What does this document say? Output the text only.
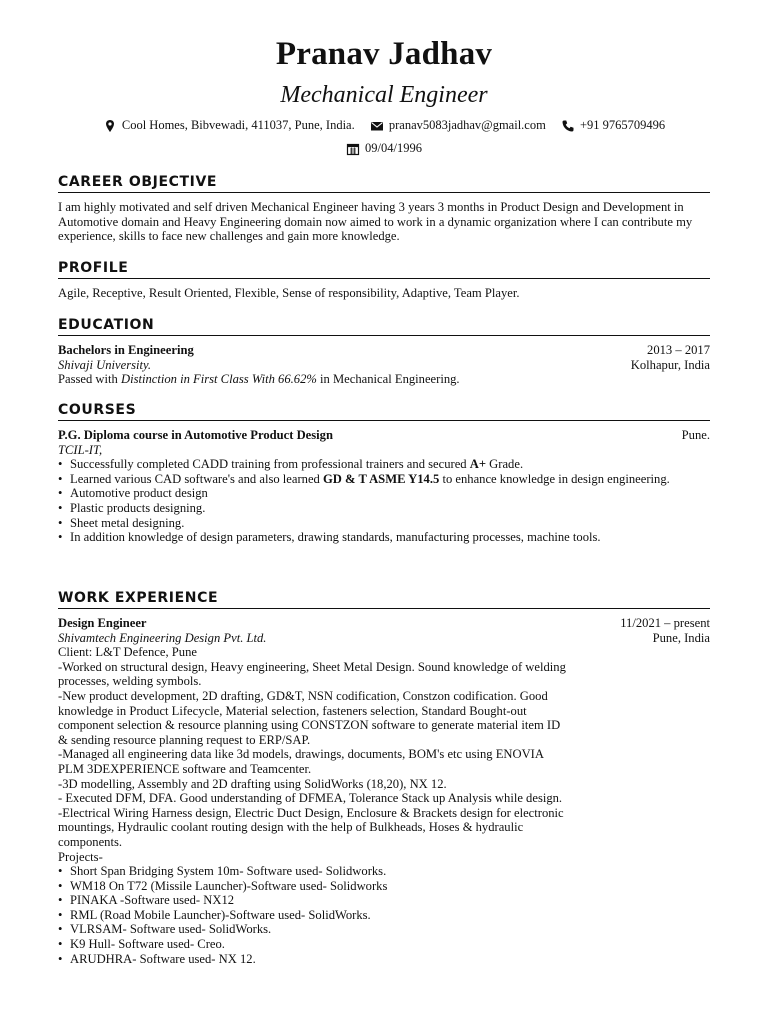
Pranav Jadhav
Mechanical Engineer
Cool Homes, Bibvewadi, 411037, Pune, India.
	pranav5083jadhav@gmail.com
	+91 9765709496
09/04/1996
CAREER OBJECTIVE
I am highly motivated and self driven Mechanical Engineer having 3 years 3 months in Product Design and Development in Automotive domain and Heavy Engineering domain now aimed to work in a dynamic organization where I can contribute my experience, skills to face new challenges and gain more knowledge.
PROFILE
Agile, Receptive, Result Oriented, Flexible, Sense of responsibility, Adaptive, Team Player.
EDUCATION
Bachelors in Engineering	2013 – 2017
Shivaji University.	Kolhapur, India
Passed with Distinction in First Class With 66.62% in Mechanical Engineering.
COURSES
P.G. Diploma course in Automotive Product Design	Pune.
TCIL-IT,
• Successfully completed CADD training from professional trainers and secured A+ Grade.
• Learned various CAD software's and also learned GD & T ASME Y14.5 to enhance knowledge in design engineering.
• Automotive product design
• Plastic products designing.
• Sheet metal designing.
• In addition knowledge of design parameters, drawing standards, manufacturing processes, machine tools.
WORK EXPERIENCE
Design Engineer	11/2021 – present
Shivamtech Engineering Design Pvt. Ltd.	Pune, India
Client: L&T Defence, Pune
-Worked on structural design, Heavy engineering, Sheet Metal Design. Sound knowledge of welding processes, welding symbols.
-New product development, 2D drafting, GD&T, NSN codification, Constzon codification. Good knowledge in Product Lifecycle, Material selection, fasteners selection, Standard Bought-out component selection & resource planning using CONSTZON software to generate material item ID & sending resource planning request to ERP/SAP.
-Managed all engineering data like 3d models, drawings, documents, BOM's etc using ENOVIA PLM 3DEXPERIENCE software and Teamcenter.
-3D modelling, Assembly and 2D drafting using SolidWorks (18,20), NX 12.
- Executed DFM, DFA. Good understanding of DFMEA, Tolerance Stack up Analysis while design.
-Electrical Wiring Harness design, Electric Duct Design, Enclosure & Brackets design for electronic mountings, Hydraulic coolant routing design with the help of Bulkheads, Hoses & hydraulic components.
Projects-
• Short Span Bridging System 10m- Software used- Solidworks.
• WM18 On T72 (Missile Launcher)-Software used- Solidworks
• PINAKA -Software used- NX12
• RML (Road Mobile Launcher)-Software used- SolidWorks.
• VLRSAM- Software used- SolidWorks.
• K9 Hull- Software used- Creo.
• ARUDHRA- Software used- NX 12.
